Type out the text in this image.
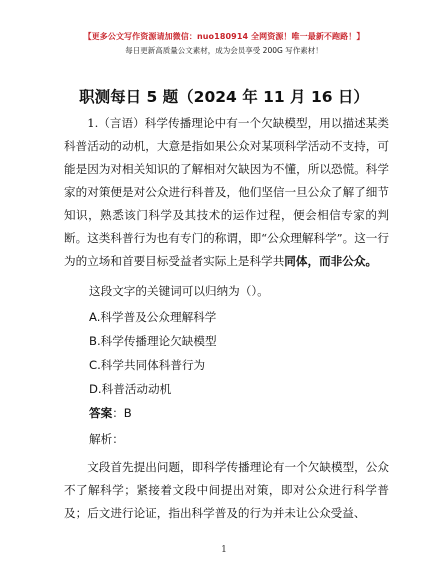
【更多公文写作资源请加微信：nuo180914 全网资源！唯一最新不跑路！】
每日更新高质量公文素材，成为会员享受 200G 写作素材！
职测每日 5 题（2024 年 11 月 16 日）

1.（言语）科学传播理论中有一个欠缺模型，用以描述某类科普活动的动机，大意是指如果公众对某项科学活动不支持，可能是因为对相关知识的了解相对欠缺因为不懂，所以恐慌。科学家的对策便是对公众进行科普及，他们坚信一旦公众了解了细节知识，熟悉该门科学及其技术的运作过程，便会相信专家的判断。这类科普行为也有专门的称谓，即“公众理解科学”。这一行为的立场和首要目标受益者实际上是科学共同体，而非公众。

这段文字的关键词可以归纳为（）。
A.科学普及公众理解科学
B.科学传播理论欠缺模型
C.科学共同体科普行为
D.科普活动动机
答案：B
解析：

文段首先提出问题，即科学传播理论有一个欠缺模型，公众不了解科学；紧接着文段中间提出对策，即对公众进行科学普及；后文进行论证，指出科学普及的行为并未让公众受益、

1
